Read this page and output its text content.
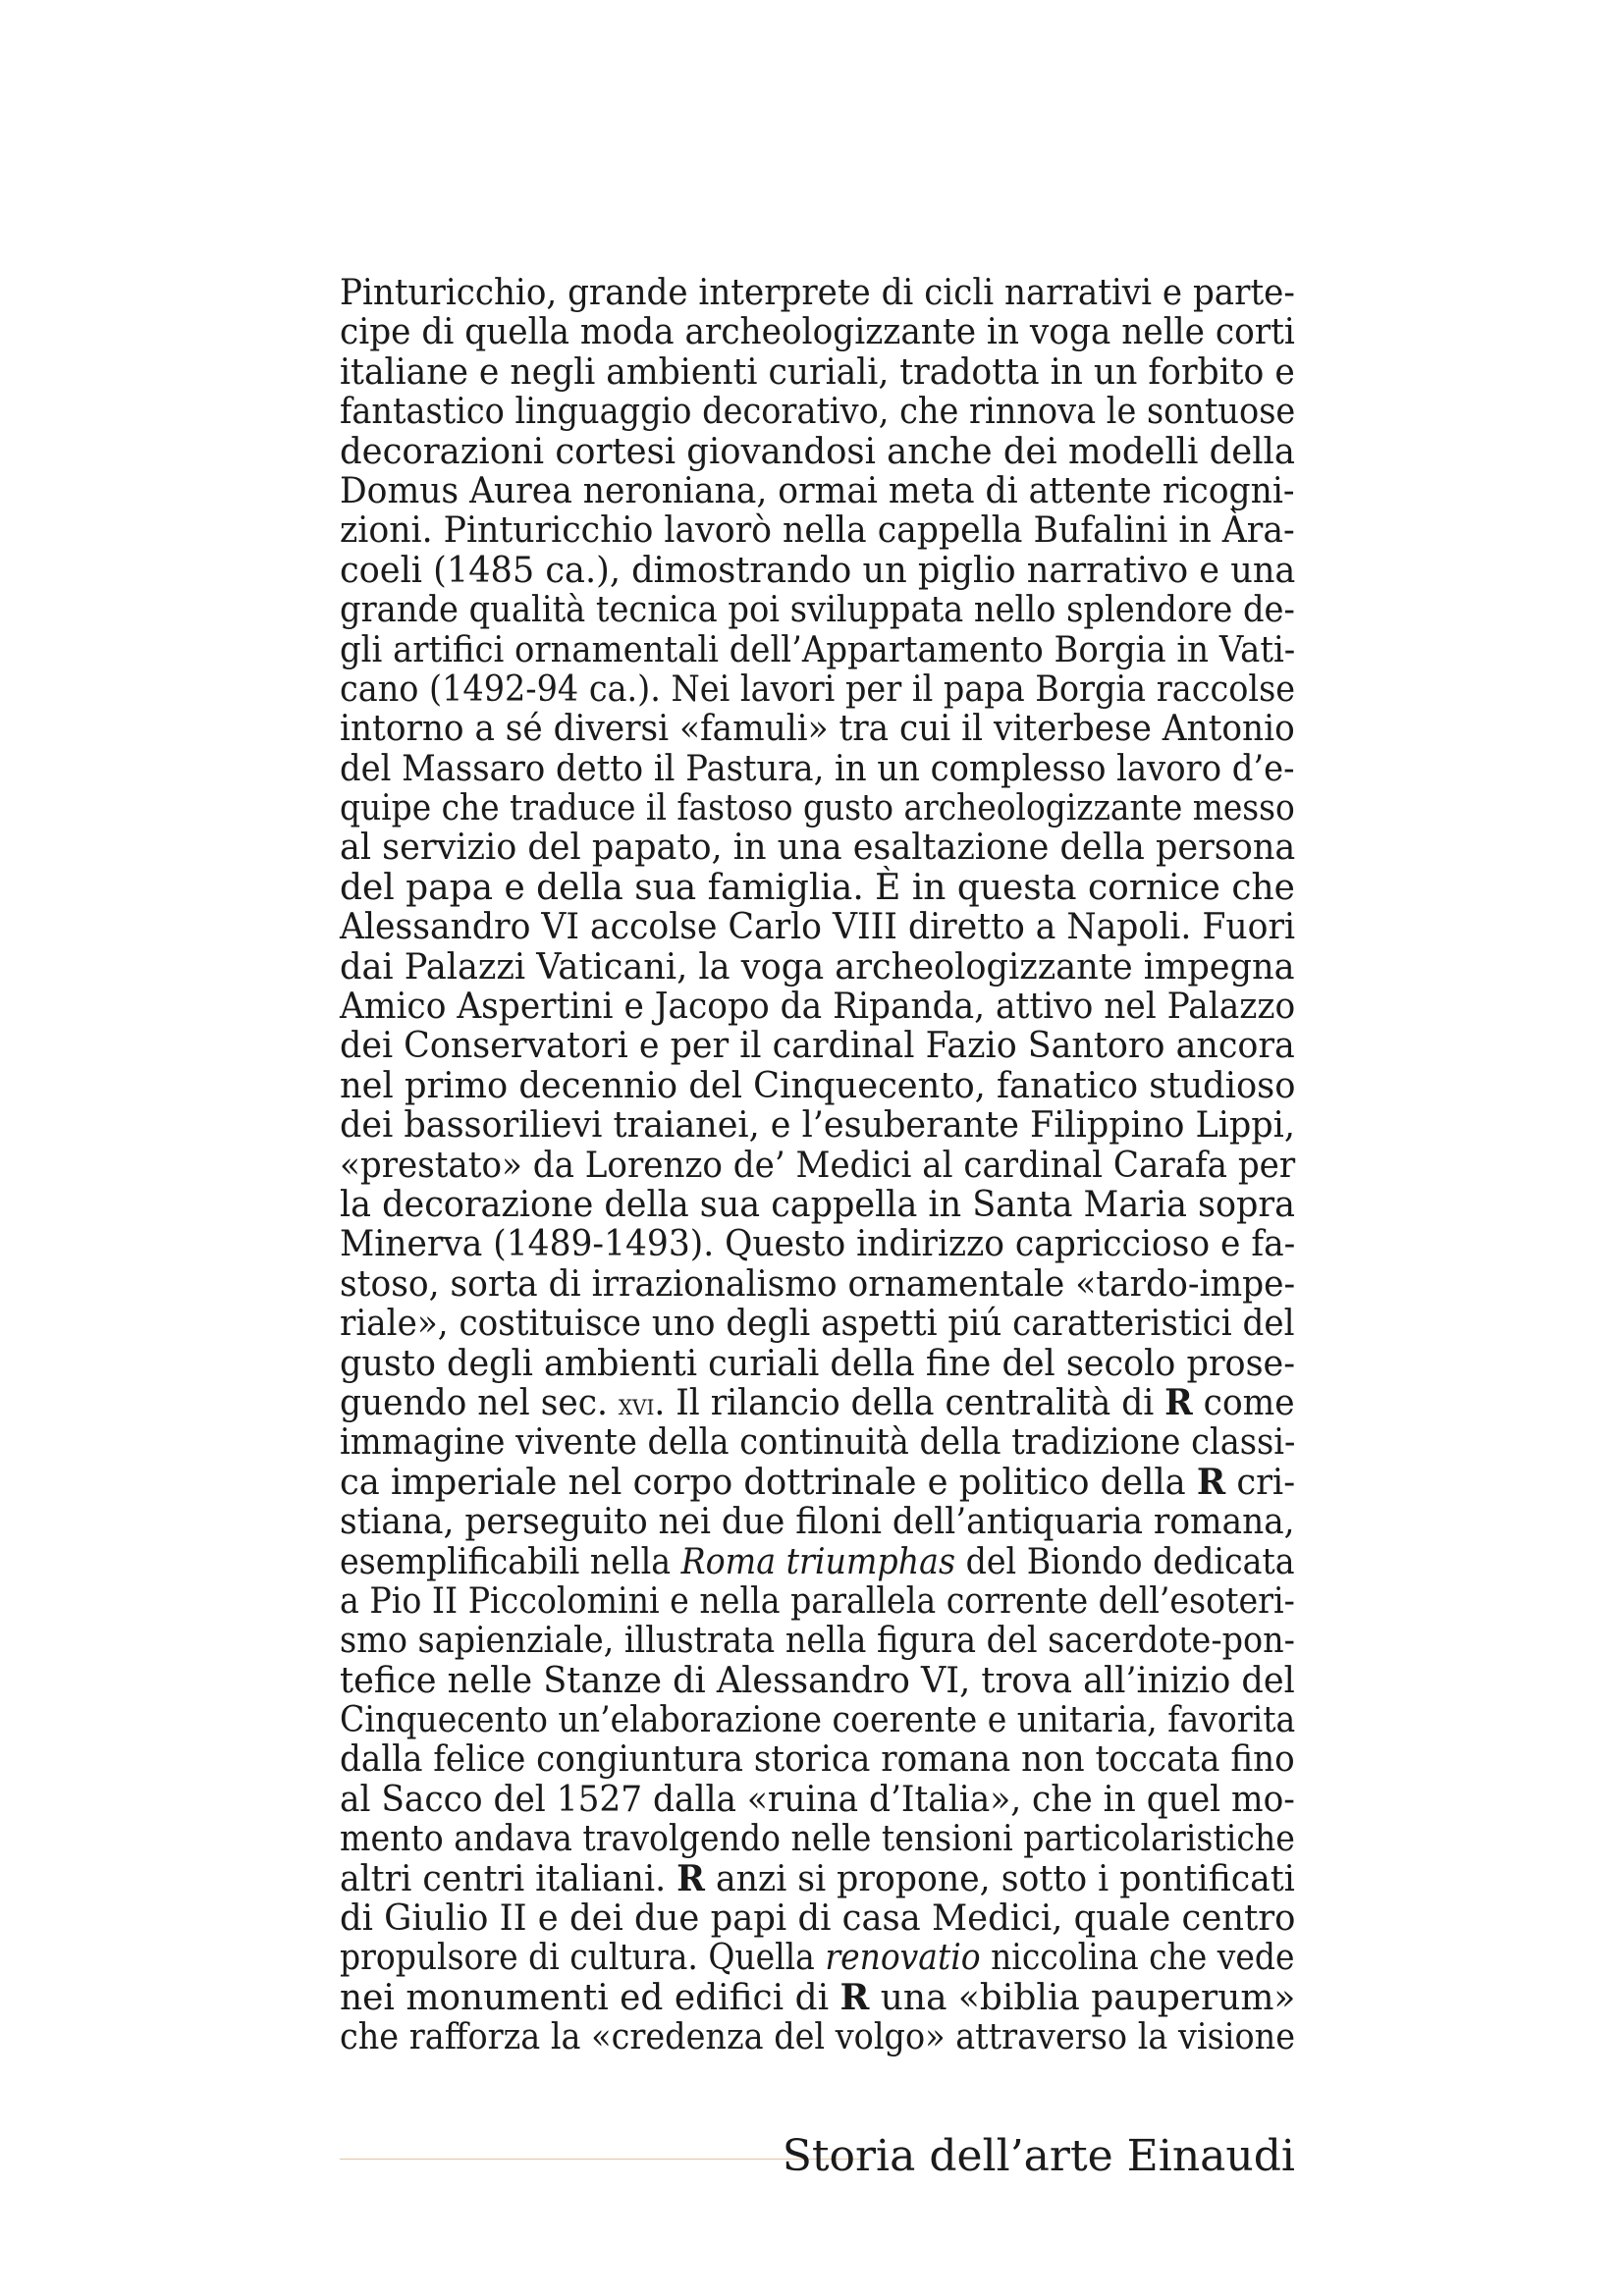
Pinturicchio, grande interprete di cicli narrativi e parte-
cipe di quella moda archeologizzante in voga nelle corti
italiane e negli ambienti curiali, tradotta in un forbito e
fantastico linguaggio decorativo, che rinnova le sontuose
decorazioni cortesi giovandosi anche dei modelli della
Domus Aurea neroniana, ormai meta di attente ricogni-
zioni. Pinturicchio lavorò nella cappella Bufalini in Àra-
coeli (1485 ca.), dimostrando un piglio narrativo e una
grande qualità tecnica poi sviluppata nello splendore de-
gli artifici ornamentali dell’Appartamento Borgia in Vati-
cano (1492-94 ca.). Nei lavori per il papa Borgia raccolse
intorno a sé diversi «famuli» tra cui il viterbese Antonio
del Massaro detto il Pastura, in un complesso lavoro d’e-
quipe che traduce il fastoso gusto archeologizzante messo
al servizio del papato, in una esaltazione della persona
del papa e della sua famiglia. È in questa cornice che
Alessandro VI accolse Carlo VIII diretto a Napoli. Fuori
dai Palazzi Vaticani, la voga archeologizzante impegna
Amico Aspertini e Jacopo da Ripanda, attivo nel Palazzo
dei Conservatori e per il cardinal Fazio Santoro ancora
nel primo decennio del Cinquecento, fanatico studioso
dei bassorilievi traianei, e l’esuberante Filippino Lippi,
«prestato» da Lorenzo de’ Medici al cardinal Carafa per
la decorazione della sua cappella in Santa Maria sopra
Minerva (1489-1493). Questo indirizzo capriccioso e fa-
stoso, sorta di irrazionalismo ornamentale «tardo-impe-
riale», costituisce uno degli aspetti piú caratteristici del
gusto degli ambienti curiali della fine del secolo prose-
guendo nel sec. xvi. Il rilancio della centralità di R come
immagine vivente della continuità della tradizione classi-
ca imperiale nel corpo dottrinale e politico della R cri-
stiana, perseguito nei due filoni dell’antiquaria romana,
esemplificabili nella Roma triumphas del Biondo dedicata
a Pio II Piccolomini e nella parallela corrente dell’esoteri-
smo sapienziale, illustrata nella figura del sacerdote-pon-
tefice nelle Stanze di Alessandro VI, trova all’inizio del
Cinquecento un’elaborazione coerente e unitaria, favorita
dalla felice congiuntura storica romana non toccata fino
al Sacco del 1527 dalla «ruina d’Italia», che in quel mo-
mento andava travolgendo nelle tensioni particolaristiche
altri centri italiani. R anzi si propone, sotto i pontificati
di Giulio II e dei due papi di casa Medici, quale centro
propulsore di cultura. Quella renovatio niccolina che vede
nei monumenti ed edifici di R una «biblia pauperum»
che rafforza la «credenza del volgo» attraverso la visione
Storia dell’arte Einaudi
